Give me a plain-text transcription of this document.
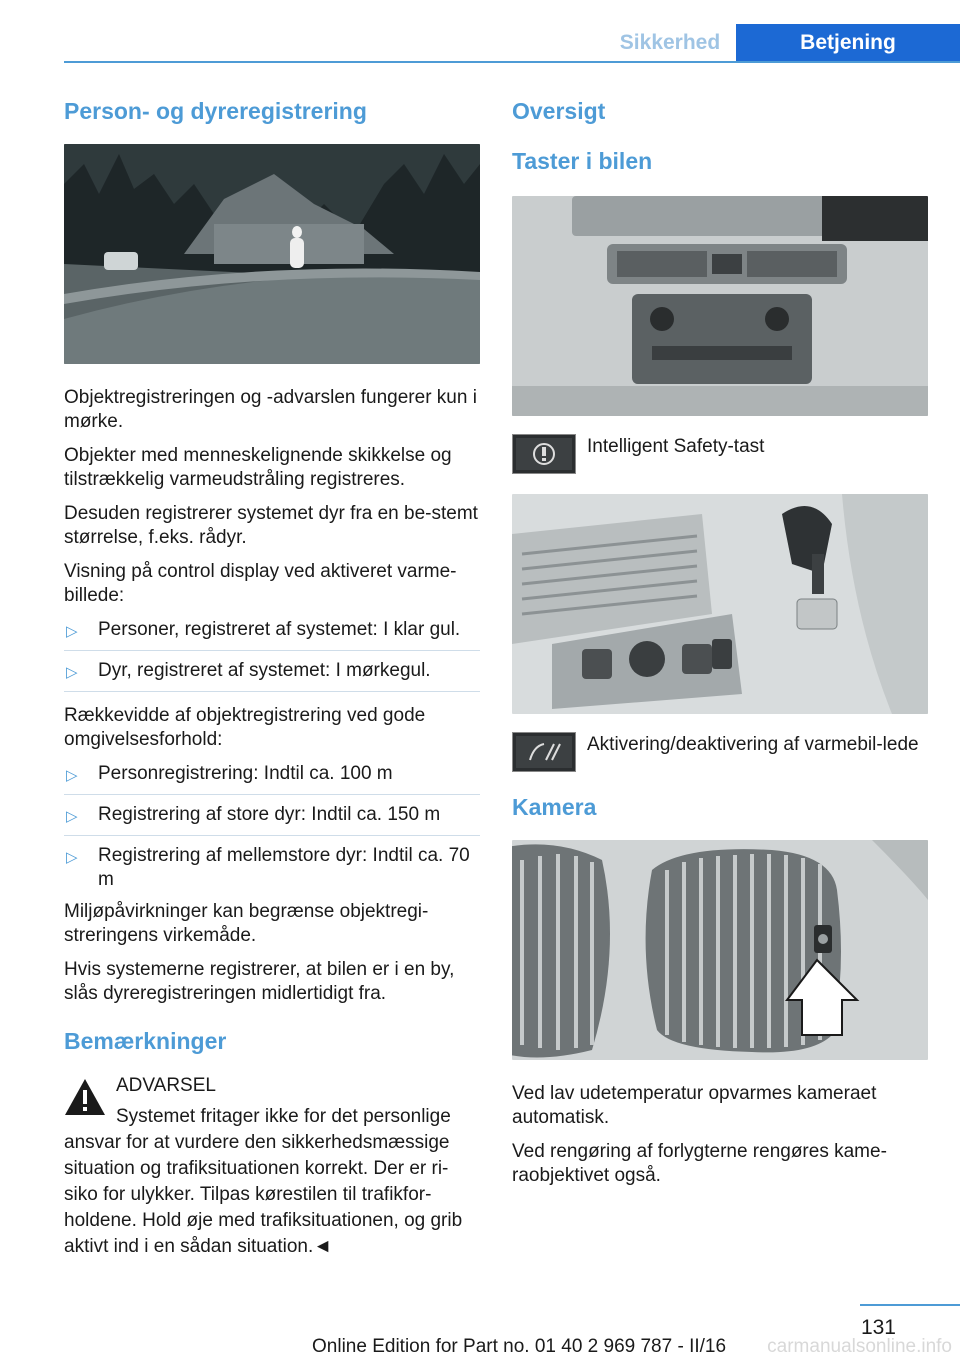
Sikkerhed	Betjening
Person- og dyreregistrering

Objektregistreringen og -advarslen fungerer kun i mørke.

Objekter med menneskelignende skikkelse og tilstrækkelig varmeudstråling registreres.

Desuden registrerer systemet dyr fra en be‐stemt størrelse, f.eks. rådyr.

Visning på control display ved aktiveret varme‐billede:

▷ Personer, registreret af systemet: I klar gul.
▷ Dyr, registreret af systemet: I mørkegul.

Rækkevidde af objektregistrering ved gode omgivelsesforhold:

▷ Personregistrering: Indtil ca. 100 m
▷ Registrering af store dyr: Indtil ca. 150 m
▷ Registrering af mellemstore dyr: Indtil ca. 70 m

Miljøpåvirkninger kan begrænse objektregi‐streringens virkemåde.

Hvis systemerne registrerer, at bilen er i en by, slås dyreregistreringen midlertidigt fra.

Bemærkninger
ADVARSEL
Systemet fritager ikke for det personlige ansvar for at vurdere den sikkerhedsmæssige situation og trafiksituationen korrekt. Der er ri‐siko for ulykker. Tilpas kørestilen til trafikfor‐holdene. Hold øje med trafiksituationen, og grib aktivt ind i en sådan situation.◄
Oversigt
Taster i bilen
Intelligent Safety-tast
Aktivering/deaktivering af varmebil‐lede
Kamera

Ved lav udetemperatur opvarmes kameraet automatisk.

Ved rengøring af forlygterne rengøres kame‐raobjektivet også.

131
Online Edition for Part no. 01 40 2 969 787 - II/16 carmanualsonline.info
